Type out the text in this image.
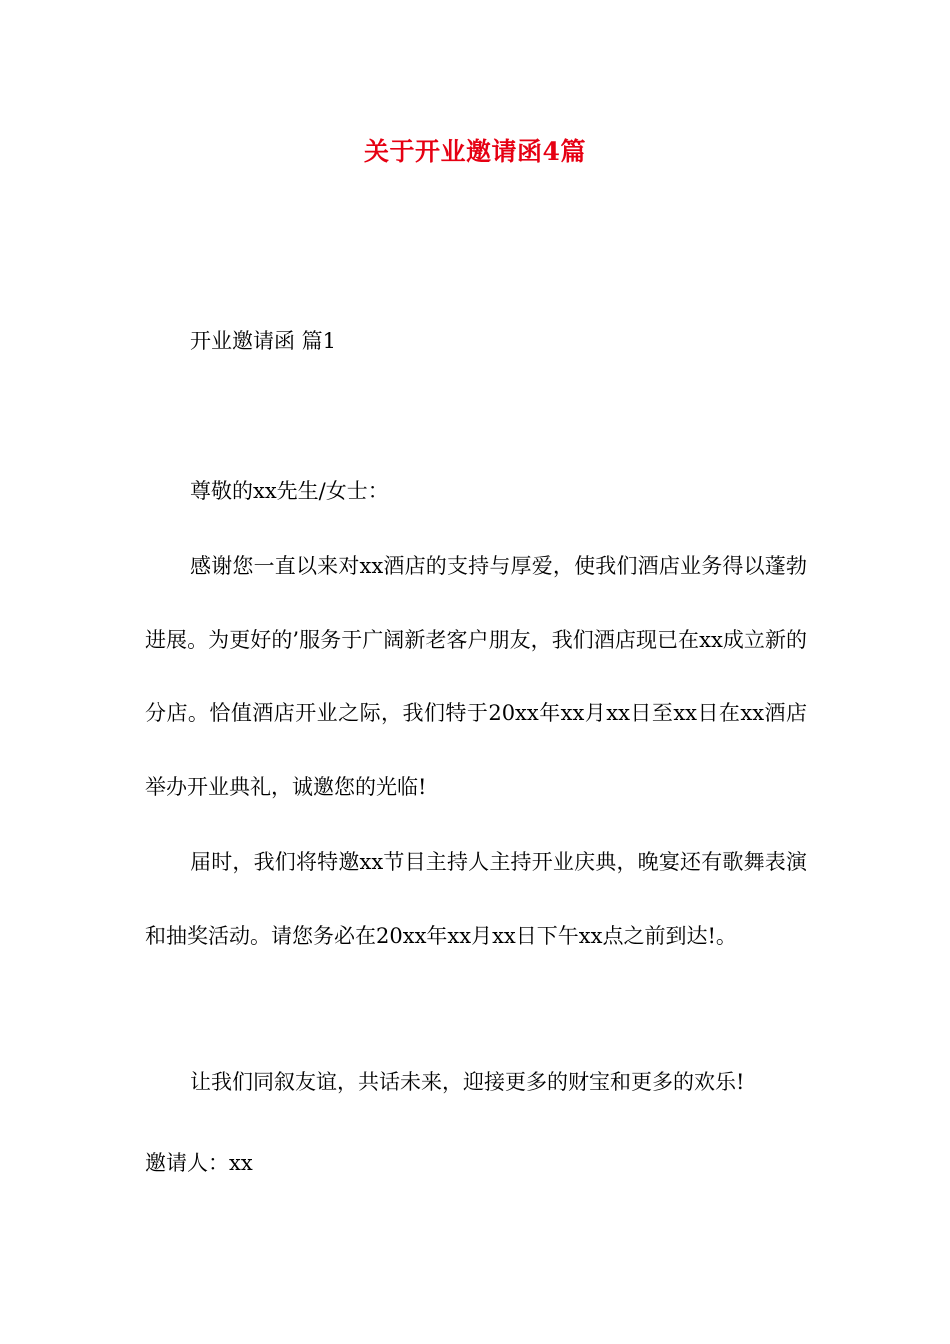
关于开业邀请函4篇
开业邀请函 篇1
尊敬的xx先生/女士：

感谢您一直以来对xx酒店的支持与厚爱，使我们酒店业务得以蓬勃进展。为更好的’服务于广阔新老客户朋友，我们酒店现已在xx成立新的分店。恰值酒店开业之际，我们特于20xx年xx月xx日至xx日在xx酒店举办开业典礼，诚邀您的光临!

届时，我们将特邀xx节目主持人主持开业庆典，晚宴还有歌舞表演和抽奖活动。请您务必在20xx年xx月xx日下午xx点之前到达!。

让我们同叙友谊，共话未来，迎接更多的财宝和更多的欢乐!

邀请人：xx
